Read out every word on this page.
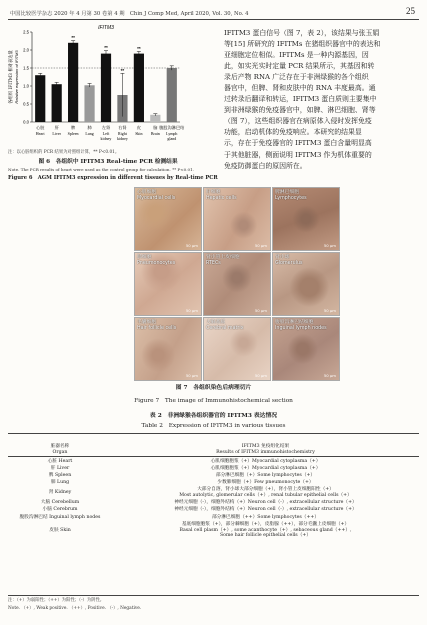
中国比较医学杂志 2020 年 4 月第 30 卷第 4 期　Chin J Comp Med, April 2020, Vol. 30, No. 4	25
IFITM3
0.0
0.5
1.0
1.5
2.0
2.5
各组织 IFITM3 相对表达量 Relative expression of IFITM3
心脏
Heart
肝
Liver
**
脾
Spleen
肺
Lung
**
左肾
Left
kidney
**
右肾
Right
kidney
**
皮
Skin
脑
Brain
腹股沟淋巴结
Lymph
gland
注：以心脏组织的 PCR 结果为对照组计算，** P<0.01。
图 6　各组织中 IFITM3 Real-time PCR 检测结果
Note. The PCR results of heart were used as the control group for calculation. ** P<0.01.
Figure 6　AGM IFITM3 expression in different tissues by Real-time PCR

IFITM3 蛋白信号（图 7，表 2），该结果与张玉娟

等[15] 所研究的 IFITMs 在猪组织器官中的表达和

亚细胞定位相似。IFITMs 是一种内源基因，因

此，如实光实时定量 PCR 结果所示，其基因和转

录后产物 RNA 广泛存在于非洲绿猴的各个组织

器官中，但脾、肾和皮肤中的 RNA 丰度最高。通

过转录后翻译和转运，IFITM3 蛋白质则主要集中

到非洲绿猴的免疫器官中，如脾、淋巴细胞、肾等

（图 7），这些组织器官在病原体入侵时发挥免疫

功能，启动机体的免疫响应。本研究的结果显

示，存在于免疫器官的 IFITM3 蛋白含量明显高

于其他脏器，侧面说明 IFITM3 作为机体重要的

免疫防御蛋白的原因所在。

心肌细胞
Myocardial cells
50 μm
肝细胞
Hepatic cells
50 μm
脾淋巴细胞
Lymphocytes
50 μm
肺细胞
Pneumonocytes
50 μm
肾小管上皮细胞
RTECs
50 μm
肾小球
Glomerulus
50 μm
毛囊细胞
Hair follicle cells
50 μm
大脑基质
Cerebral matrix
50 μm
腹股沟淋巴结细胞
Inguinal lymph nodes
50 μm
图 7　各组织染色后病理切片
Figure 7　The image of Immunohistochemical section
表 2　非洲绿猴各组织器官的 IFITM3 表达情况
Table 2　Expression of IFITM3 in various tissues
脏器名称
Organ	IFITM3 免疫组化结果
Results of IFITM3 immunohistochemistry
心脏 Heart	心肌细胞胞浆（+）Myocardial cytoplasma（+）
肝 Liver	心肌细胞胞浆（+）Myocardial cytoplasma（+）
脾 Spleen	部分淋巴细胞（+）Some lymphocytes（+）
肺 Lung	少数肺细胞（+）Few pneumonocyte（+）
肾 Kidney	大部分自溶，肾小球大部分细胞（+），肾小管上皮细胞阳性（+）
Most autolytic, glomerular cells（+）, renal tubular epithelial cells（+）
大脑 Cerebellum	神经元细胞（-），细胞外结构（+）Neuron cell（-）, extracellular structure（+）
小脑 Cerebrum	神经元细胞（-），细胞外结构（+）Neuron cell（-）, extracellular structure（+）
腹股沟淋巴结 Inguinal lymph nodes	部分淋巴细胞（++）Some lymphocytes（++）
皮肤 Skin	基底细胞胞浆（+），部分棘细胞（+），皮脂腺（++），部分毛囊上皮细胞（+）
Basal cell plasm（+）, some acanthocyte（+）, sebaceous gland（++）,
Some hair follicle epithelial cells（+）
注：（+）为弱阳性；（++）为阳性；（-）为阴性。
Note. （+）, Weak positive. （++）, Positive. （-）, Negative.
